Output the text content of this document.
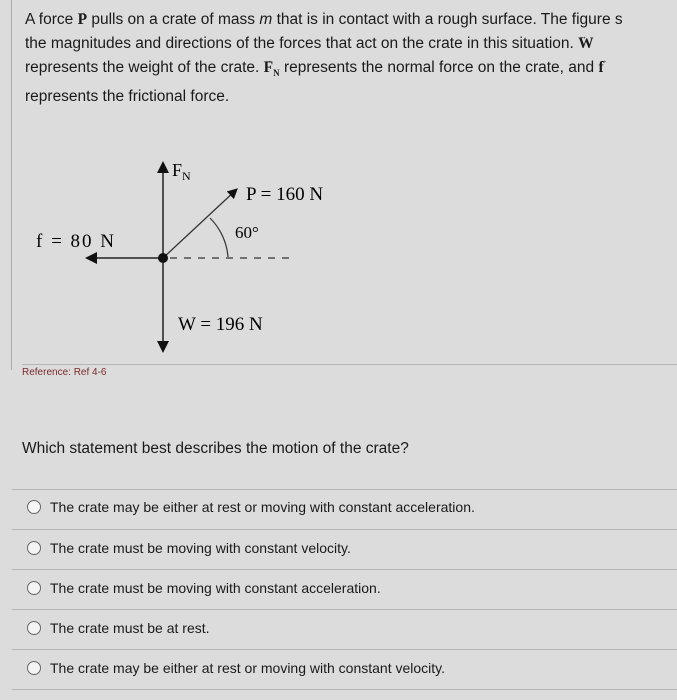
A force → P pulls on a crate of mass m that is in contact with a rough surface. The figure s
the magnitudes and directions of the forces that act on the crate in this situation. → W
represents the weight of the crate. → $F_N$ represents the normal force on the crate, and → f
represents the frictional force.
$F_N$
P = 160 N
60°
f = 80 N
W = 196 N
Reference: Ref 4-6
Which statement best describes the motion of the crate?
The crate may be either at rest or moving with constant acceleration.
The crate must be moving with constant velocity.
The crate must be moving with constant acceleration.
The crate must be at rest.
The crate may be either at rest or moving with constant velocity.
